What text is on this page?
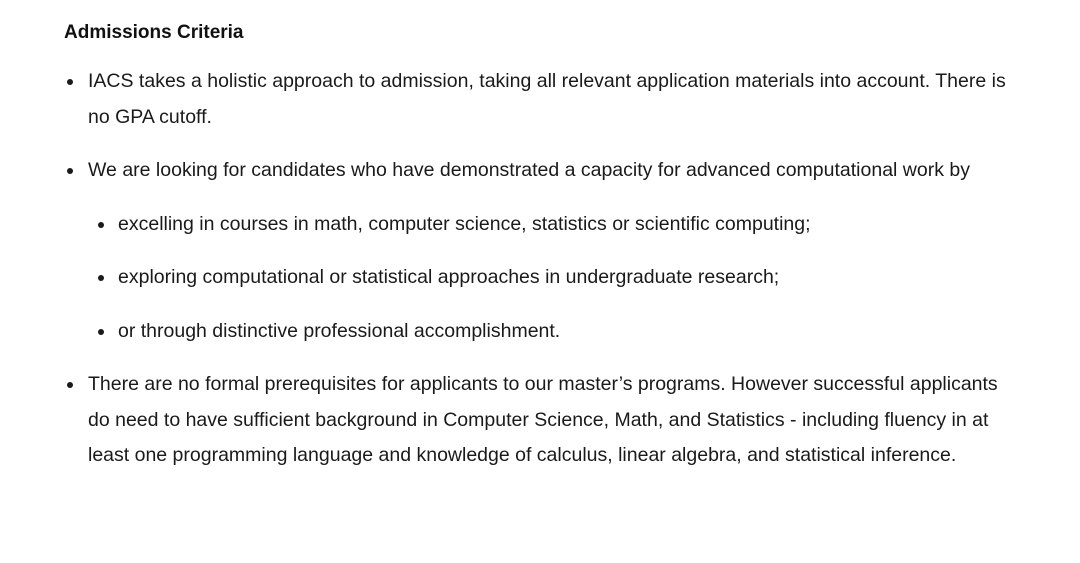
Admissions Criteria
IACS takes a holistic approach to admission, taking all relevant application materials into account. There is no GPA cutoff.
We are looking for candidates who have demonstrated a capacity for advanced computational work by
excelling in courses in math, computer science, statistics or scientific computing;
exploring computational or statistical approaches in undergraduate research;
or through distinctive professional accomplishment.
There are no formal prerequisites for applicants to our master’s programs. However successful applicants do need to have sufficient background in Computer Science, Math, and Statistics - including fluency in at least one programming language and knowledge of calculus, linear algebra, and statistical inference.
